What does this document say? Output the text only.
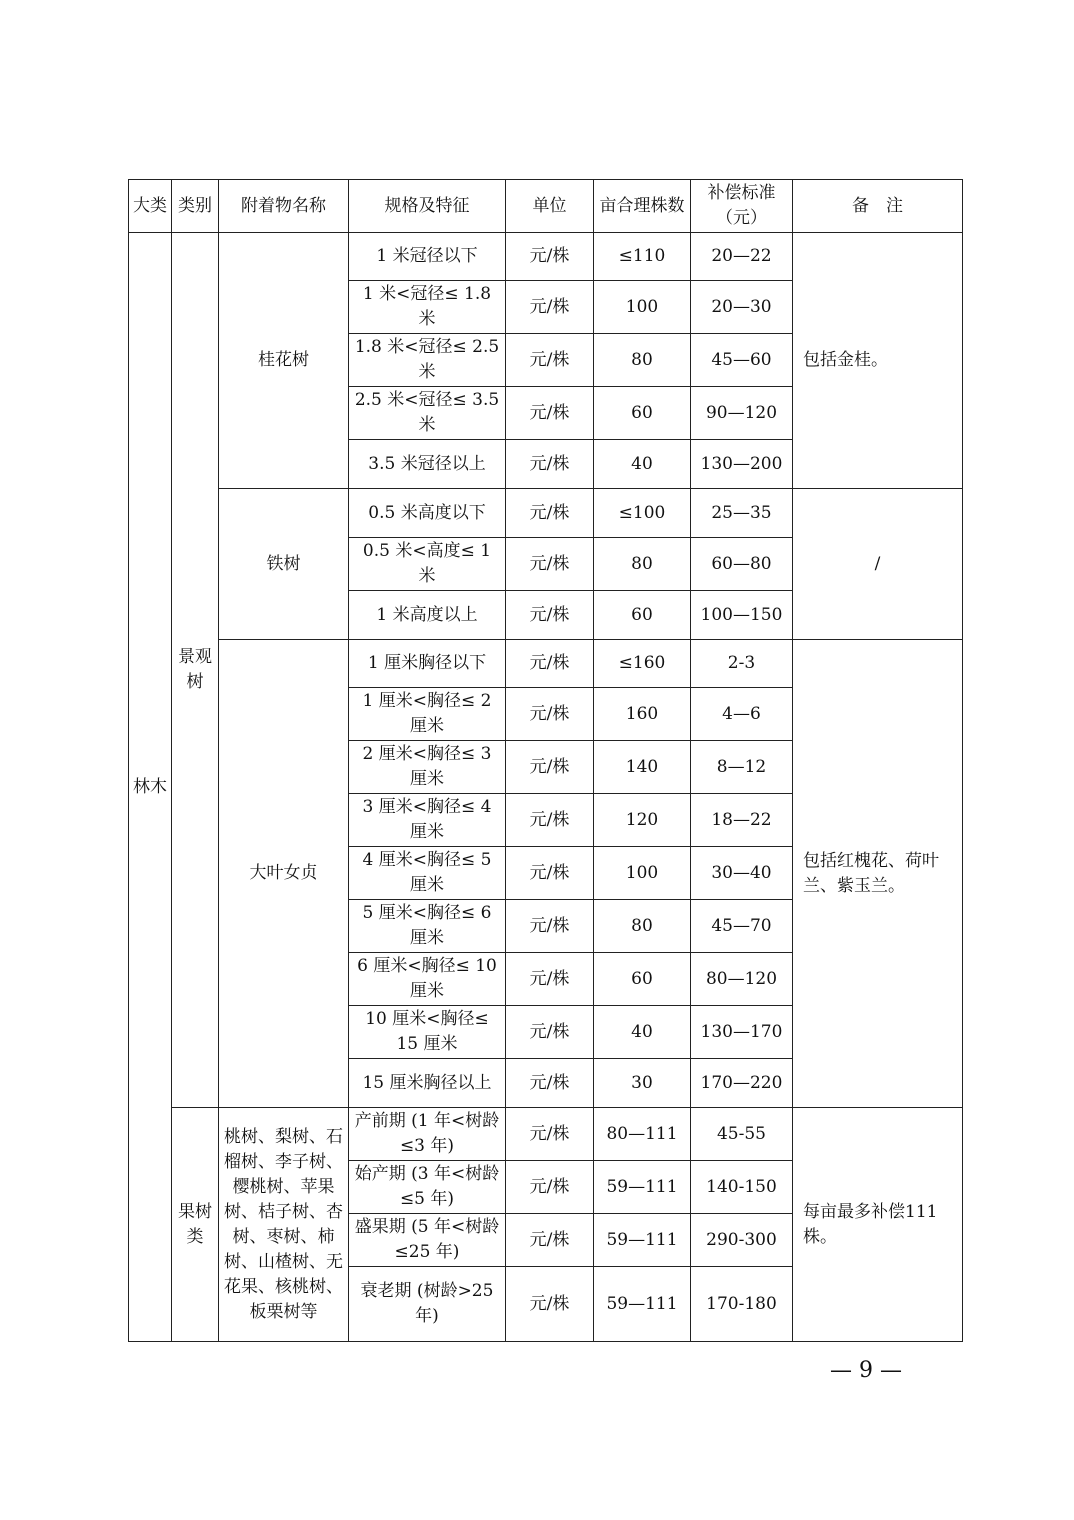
大类	类别	附着物名称	规格及特征	单位	亩合理株数	补偿标准（元）	备　注
林木	景观树	桂花树	1 米冠径以下	元/株	≤110	20—22	包括金桂。
			1 米<冠径≤ 1.8 米	元/株	100	20—30	
			1.8 米<冠径≤ 2.5 米	元/株	80	45—60	
			2.5 米<冠径≤ 3.5 米	元/株	60	90—120	
			3.5 米冠径以上	元/株	40	130—200	
		铁树	0.5 米高度以下	元/株	≤100	25—35	/
			0.5 米<高度≤ 1 米	元/株	80	60—80	
			1 米高度以上	元/株	60	100—150	
		大叶女贞	1 厘米胸径以下	元/株	≤160	2-3	包括红槐花、荷叶兰、紫玉兰。
			1 厘米<胸径≤ 2 厘米	元/株	160	4—6	
			2 厘米<胸径≤ 3 厘米	元/株	140	8—12	
			3 厘米<胸径≤ 4 厘米	元/株	120	18—22	
			4 厘米<胸径≤ 5 厘米	元/株	100	30—40	
			5 厘米<胸径≤ 6 厘米	元/株	80	45—70	
			6 厘米<胸径≤ 10 厘米	元/株	60	80—120	
			10 厘米<胸径≤ 15 厘米	元/株	40	130—170	
			15 厘米胸径以上	元/株	30	170—220	
	果树类	桃树、梨树、石榴树、李子树、樱桃树、苹果树、桔子树、杏树、枣树、柿树、山楂树、无花果、核桃树、板栗树等	产前期 (1 年<树龄≤3 年)	元/株	80—111	45-55	每亩最多补偿111株。
			始产期 (3 年<树龄≤5 年)	元/株	59—111	140-150	
			盛果期 (5 年<树龄≤25 年)	元/株	59—111	290-300	
			衰老期 (树龄>25 年)	元/株	59—111	170-180	
— 9 —
